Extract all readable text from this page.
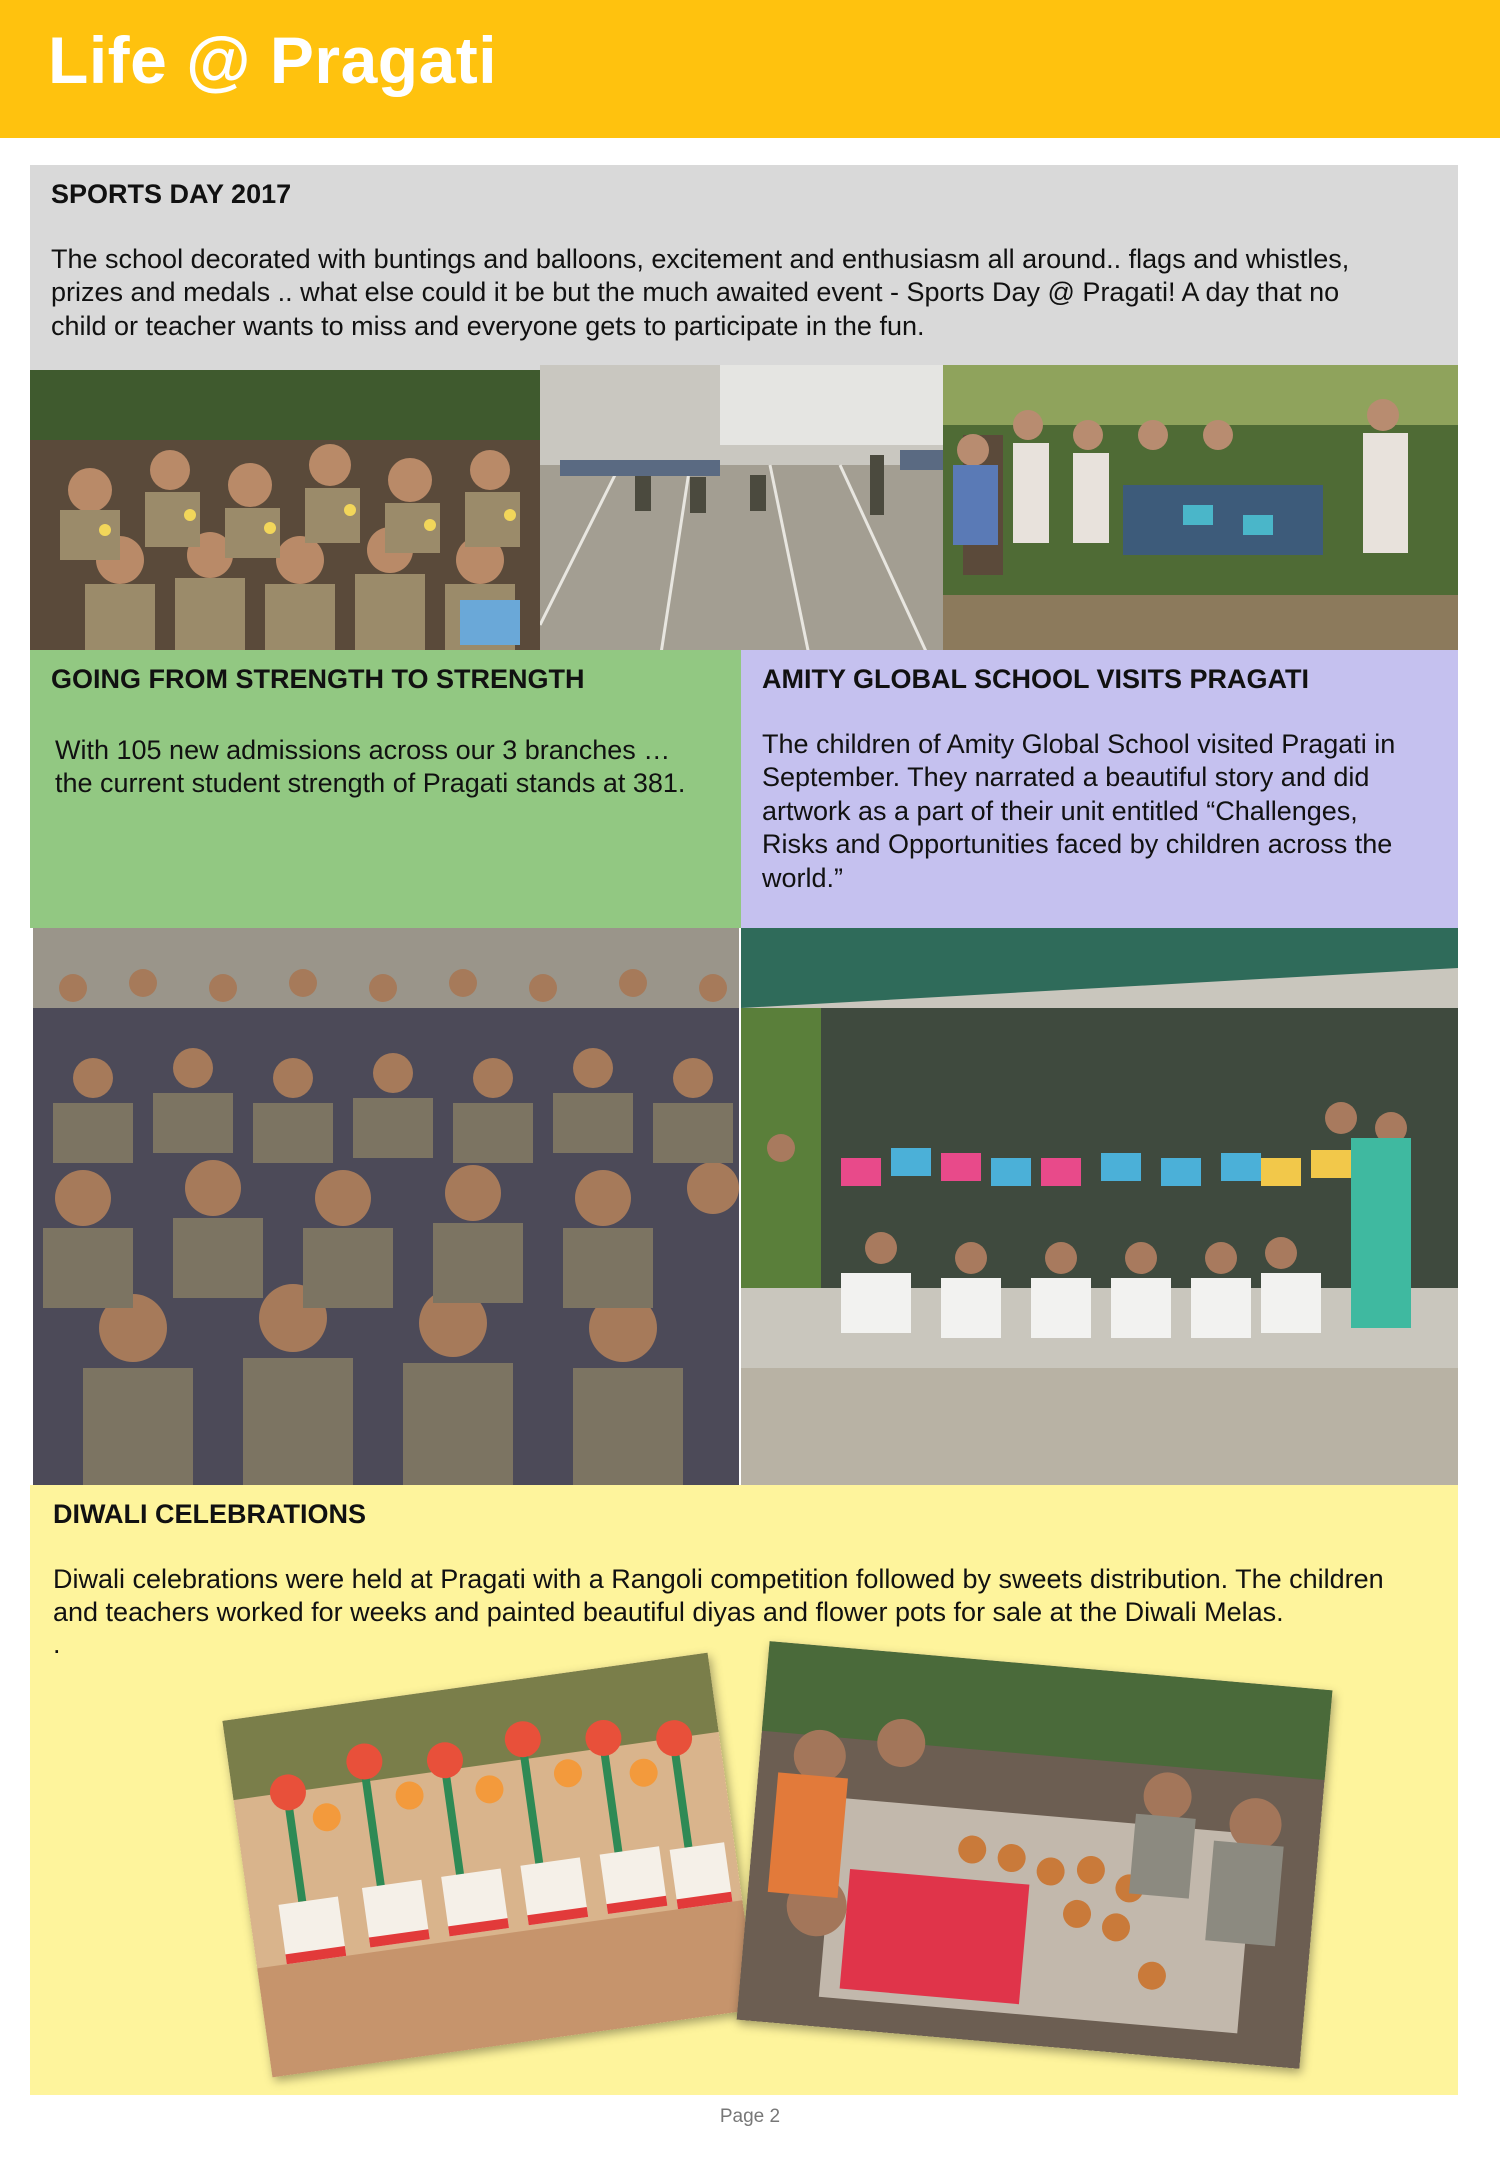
Life @ Pragati

SPORTS DAY 2017

The school decorated with buntings and balloons, excitement and enthusiasm all around.. flags and whistles,

prizes and medals .. what else could it be but the much awaited event - Sports Day @ Pragati! A day that no

child or teacher wants to miss and everyone gets to participate in the fun.

GOING FROM STRENGTH TO STRENGTH

With 105 new admissions across our 3 branches …

the current student strength of Pragati stands at 381.

AMITY GLOBAL SCHOOL VISITS PRAGATI

The children of Amity Global School visited Pragati in

September. They narrated a beautiful story and did

artwork as a part of their unit entitled “Challenges,

Risks and Opportunities faced by children across the

world.”

DIWALI CELEBRATIONS

Diwali celebrations were held at Pragati with a Rangoli competition followed by sweets distribution. The children

and teachers worked for weeks and painted beautiful diyas and flower pots for sale at the Diwali Melas.

.

Page 2
